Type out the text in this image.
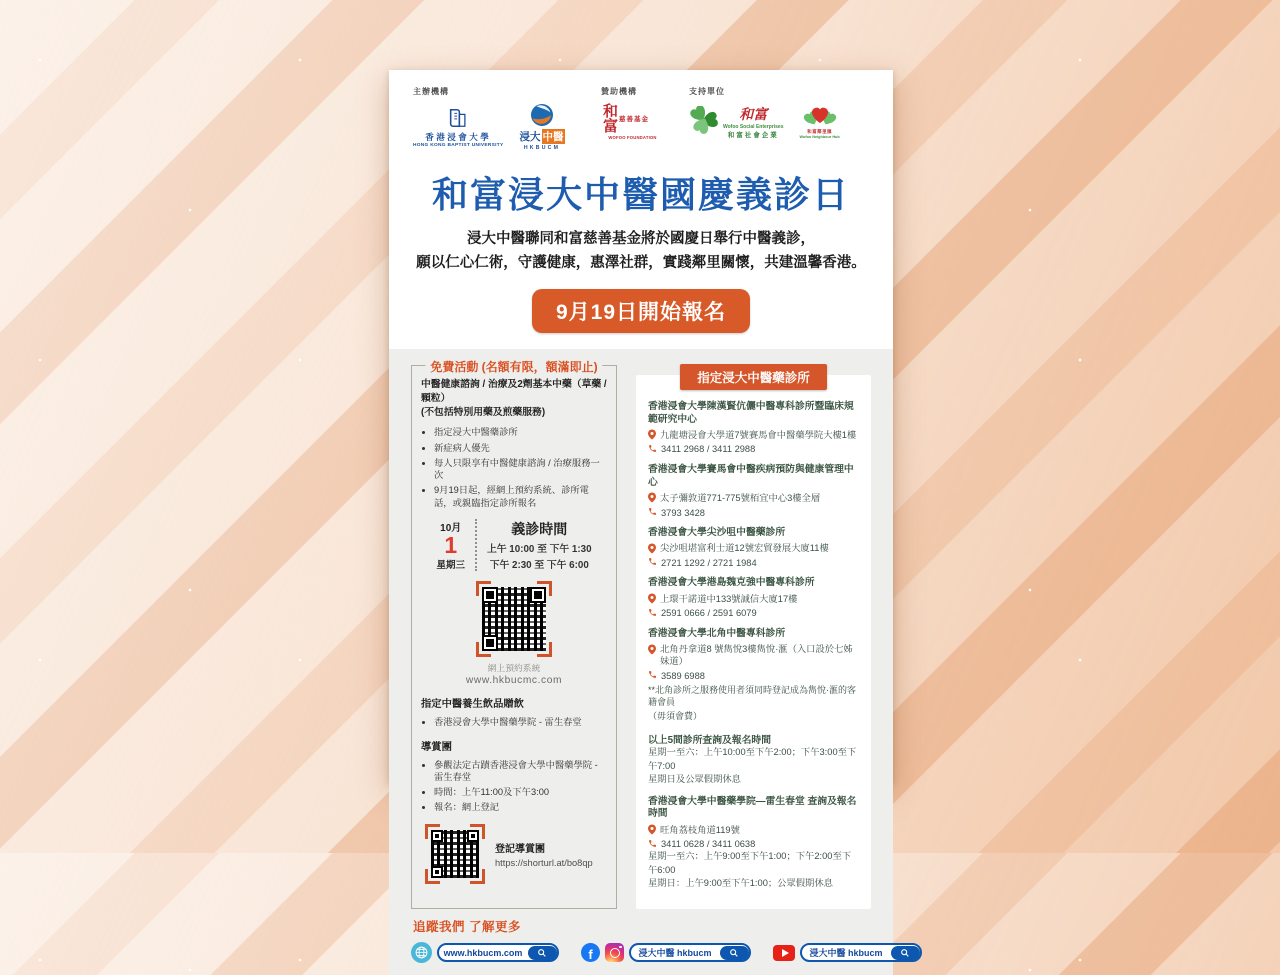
主辦機構
香港浸會大學
HONG KONG BAPTIST UNIVERSITY
浸大 中醫
HKBUCM
贊助機構
和富 慈善基金
WOFOO FOUNDATION
支持單位
和富
Wofoo Social Enterprises
和富社會企業	和富鄰里匯
Wofoo Neighbour Hub
和富浸大中醫國慶義診日

浸大中醫聯同和富慈善基金將於國慶日舉行中醫義診，
願以仁心仁術，守護健康，惠澤社群，實踐鄰里關懷，共建溫馨香港。

9月19日開始報名
免費活動 (名額有限，額滿即止)
中醫健康諮詢 / 治療及2劑基本中藥（草藥 / 顆粒）
(不包括特別用藥及煎藥服務)
• 指定浸大中醫藥診所
• 新症病人優先
• 每人只限享有中醫健康諮詢 / 治療服務一次
• 9月19日起，經網上預約系統、診所電話，或親臨指定診所報名
10月
1
星期三
義診時間
上午 10:00 至 下午 1:30
下午 2:30 至 下午 6:00
網上預約系統
www.hkbucmc.com
指定中醫養生飲品贈飲
• 香港浸會大學中醫藥學院 - 雷生春堂
導賞團
• 參觀法定古蹟香港浸會大學中醫藥學院 - 雷生春堂
• 時間：上午11:00及下午3:00
• 報名：網上登記
登記導賞團
https://shorturl.at/bo8qp
指定浸大中醫藥診所
香港浸會大學陳漢賢伉儷中醫專科診所暨臨床規範研究中心
九龍塘浸會大學道7號賽馬會中醫藥學院大樓1樓
3411 2968 / 3411 2988
香港浸會大學賽馬會中醫疾病預防與健康管理中心
太子彌敦道771-775號栢宜中心3樓全層
3793 3428
香港浸會大學尖沙咀中醫藥診所
尖沙咀堪富利士道12號宏貿發展大廈11樓
2721 1292 / 2721 1984
香港浸會大學港島魏克強中醫專科診所
上環干諾道中133號誠信大廈17樓
2591 0666 / 2591 6079
香港浸會大學北角中醫專科診所
北角丹拿道8 號雋悅3樓雋悅·滙（入口設於七姊妹道）
3589 6988
**北角診所之服務使用者須同時登記成為雋悅·滙的客籍會員
（毋須會費）
以上5間診所查詢及報名時間
星期一至六：上午10:00至下午2:00；下午3:00至下午7:00
星期日及公眾假期休息
香港浸會大學中醫藥學院—雷生春堂 查詢及報名時間
旺角荔枝角道119號
3411 0628 / 3411 0638
星期一至六：上午9:00至下午1:00；下午2:00至下午6:00
星期日：上午9:00至下午1:00；公眾假期休息
追蹤我們 了解更多
www.hkbucm.com	f	浸大中醫 hkbucm	浸大中醫 hkbucm
